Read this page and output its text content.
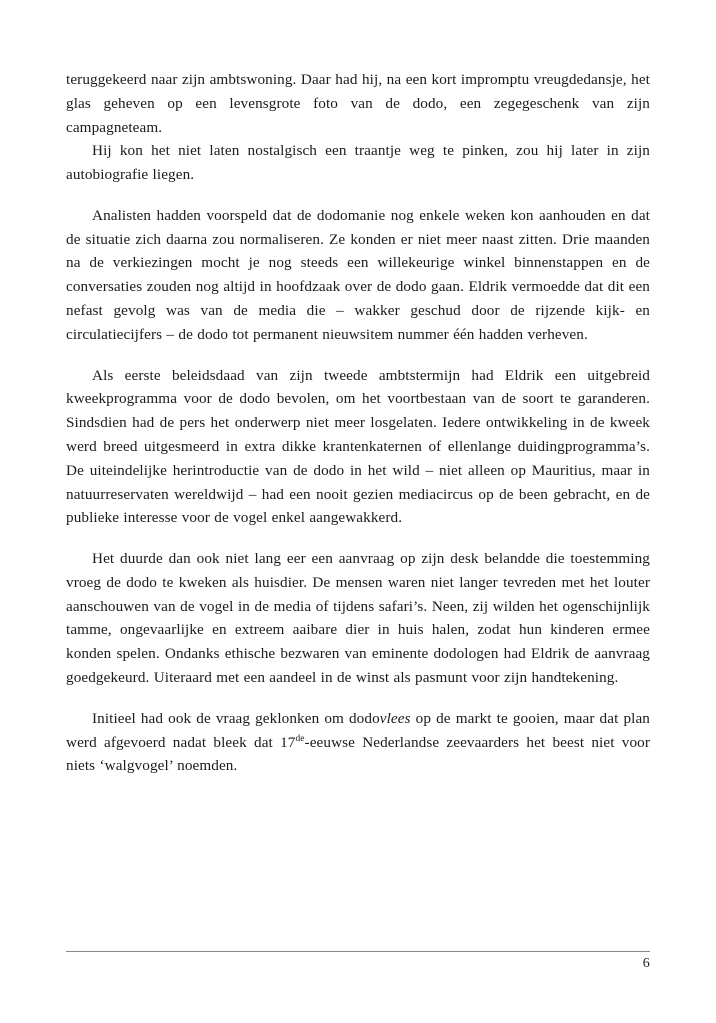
teruggekeerd naar zijn ambtswoning. Daar had hij, na een kort impromptu vreugdedansje, het glas geheven op een levensgrote foto van de dodo, een zegegeschenk van zijn campagneteam.

Hij kon het niet laten nostalgisch een traantje weg te pinken, zou hij later in zijn autobiografie liegen.

Analisten hadden voorspeld dat de dodomanie nog enkele weken kon aanhouden en dat de situatie zich daarna zou normaliseren. Ze konden er niet meer naast zitten. Drie maanden na de verkiezingen mocht je nog steeds een willekeurige winkel binnenstappen en de conversaties zouden nog altijd in hoofdzaak over de dodo gaan. Eldrik vermoedde dat dit een nefast gevolg was van de media die – wakker geschud door de rijzende kijk- en circulatiecijfers – de dodo tot permanent nieuwsitem nummer één hadden verheven.

Als eerste beleidsdaad van zijn tweede ambtstermijn had Eldrik een uitgebreid kweekprogramma voor de dodo bevolen, om het voortbestaan van de soort te garanderen. Sindsdien had de pers het onderwerp niet meer losgelaten. Iedere ontwikkeling in de kweek werd breed uitgesmeerd in extra dikke krantenkaternen of ellenlange duidingprogramma’s. De uiteindelijke herintroductie van de dodo in het wild – niet alleen op Mauritius, maar in natuurreservaten wereldwijd – had een nooit gezien mediacircus op de been gebracht, en de publieke interesse voor de vogel enkel aangewakkerd.

Het duurde dan ook niet lang eer een aanvraag op zijn desk belandde die toestemming vroeg de dodo te kweken als huisdier. De mensen waren niet langer tevreden met het louter aanschouwen van de vogel in de media of tijdens safari’s. Neen, zij wilden het ogenschijnlijk tamme, ongevaarlijke en extreem aaibare dier in huis halen, zodat hun kinderen ermee konden spelen. Ondanks ethische bezwaren van eminente dodologen had Eldrik de aanvraag goedgekeurd. Uiteraard met een aandeel in de winst als pasmunt voor zijn handtekening.

Initieel had ook de vraag geklonken om dodovlees op de markt te gooien, maar dat plan werd afgevoerd nadat bleek dat 17de-eeuwse Nederlandse zeevaarders het beest niet voor niets ‘walgvogel’ noemden.

6
